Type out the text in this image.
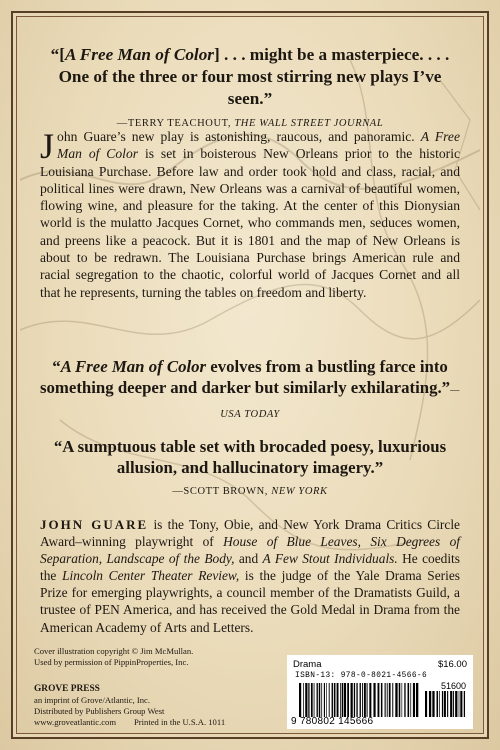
“[A Free Man of Color] . . . might be a masterpiece. . . . One of the three or four most stirring new plays I’ve seen.”
—TERRY TEACHOUT, THE WALL STREET JOURNAL
John Guare’s new play is astonishing, raucous, and panoramic. A Free Man of Color is set in boisterous New Orleans prior to the historic Louisiana Purchase. Before law and order took hold and class, racial, and political lines were drawn, New Orleans was a carnival of beautiful women, flowing wine, and pleasure for the taking. At the center of this Dionysian world is the mulatto Jacques Cornet, who commands men, seduces women, and preens like a peacock. But it is 1801 and the map of New Orleans is about to be redrawn. The Louisiana Purchase brings American rule and racial segregation to the chaotic, colorful world of Jacques Cornet and all that he represents, turning the tables on freedom and liberty.
“A Free Man of Color evolves from a bustling farce into something deeper and darker but similarly exhilarating.”—USA TODAY
“A sumptuous table set with brocaded poesy, luxurious allusion, and hallucinatory imagery.”
—SCOTT BROWN, NEW YORK
JOHN GUARE is the Tony, Obie, and New York Drama Critics Circle Award–winning playwright of House of Blue Leaves, Six Degrees of Separation, Landscape of the Body, and A Few Stout Individuals. He coedits the Lincoln Center Theater Review, is the judge of the Yale Drama Series Prize for emerging playwrights, a council member of the Dramatists Guild, a trustee of PEN America, and has received the Gold Medal in Drama from the American Academy of Arts and Letters.
Cover illustration copyright © Jim McMullan.
Used by permission of PippinProperties, Inc.
GROVE PRESS
an imprint of Grove/Atlantic, Inc.
Distributed by Publishers Group West
www.groveatlantic.com Printed in the U.S.A. 1011
Drama	$16.00
ISBN-13: 978-0-8021-4566-6
51600
9 780802 145666
